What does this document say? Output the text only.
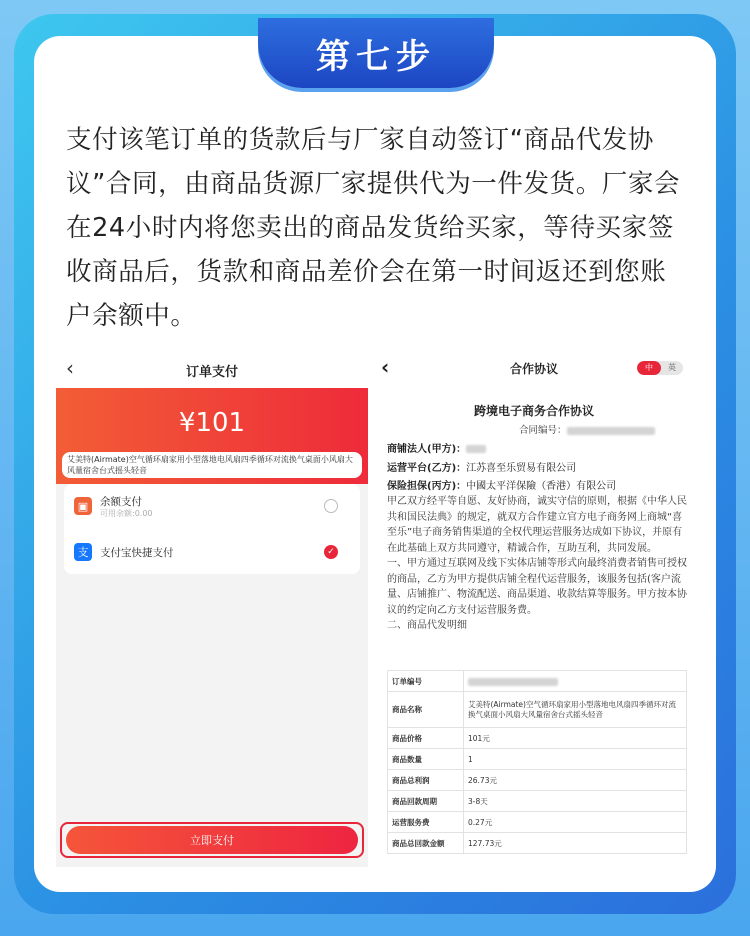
第七步

支付该笔订单的货款后与厂家自动签订“商品代发协议”合同，由商品货源厂家提供代为一件发货。厂家会在24小时内将您卖出的商品发货给买家，等待买家签收商品后，货款和商品差价会在第一时间返还到您账户余额中。

‹	订单支付
¥101
艾美特(Airmate)空气循环扇家用小型落地电风扇四季循环对流换气桌面小风扇大风量宿舍台式摇头轻音
▣	余额支付
可用余额:0.00
支	支付宝快捷支付	✓
立即支付
‹	合作协议	中	英
跨境电子商务合作协议
合同编号：
商铺法人(甲方)：
运营平台(乙方)：江苏喜至乐贸易有限公司
保险担保(丙方)：中國太平洋保險（香港）有限公司

甲乙双方经平等自愿、友好协商，诚实守信的原则，根据《中华人民共和国民法典》的规定，就双方合作建立官方电子商务网上商城“喜至乐”电子商务销售渠道的全权代理运营服务达成如下协议，并原有在此基础上双方共同遵守，精诚合作，互助互利，共同发展。

一、甲方通过互联网及线下实体店铺等形式向最终消费者销售可授权的商品，乙方为甲方提供店铺全程代运营服务，该服务包括(客户流量、店铺推广、物流配送、商品渠道、收款结算等服务。甲方按本协议的约定向乙方支付运营服务费。

二、商品代发明细

订单编号	
商品名称	艾美特(Airmate)空气循环扇家用小型落地电风扇四季循环对流换气桌面小风扇大风量宿舍台式摇头轻音
商品价格	101元
商品数量	1
商品总利润	26.73元
商品回款周期	3-8天
运营服务费	0.27元
商品总回款金额	127.73元
